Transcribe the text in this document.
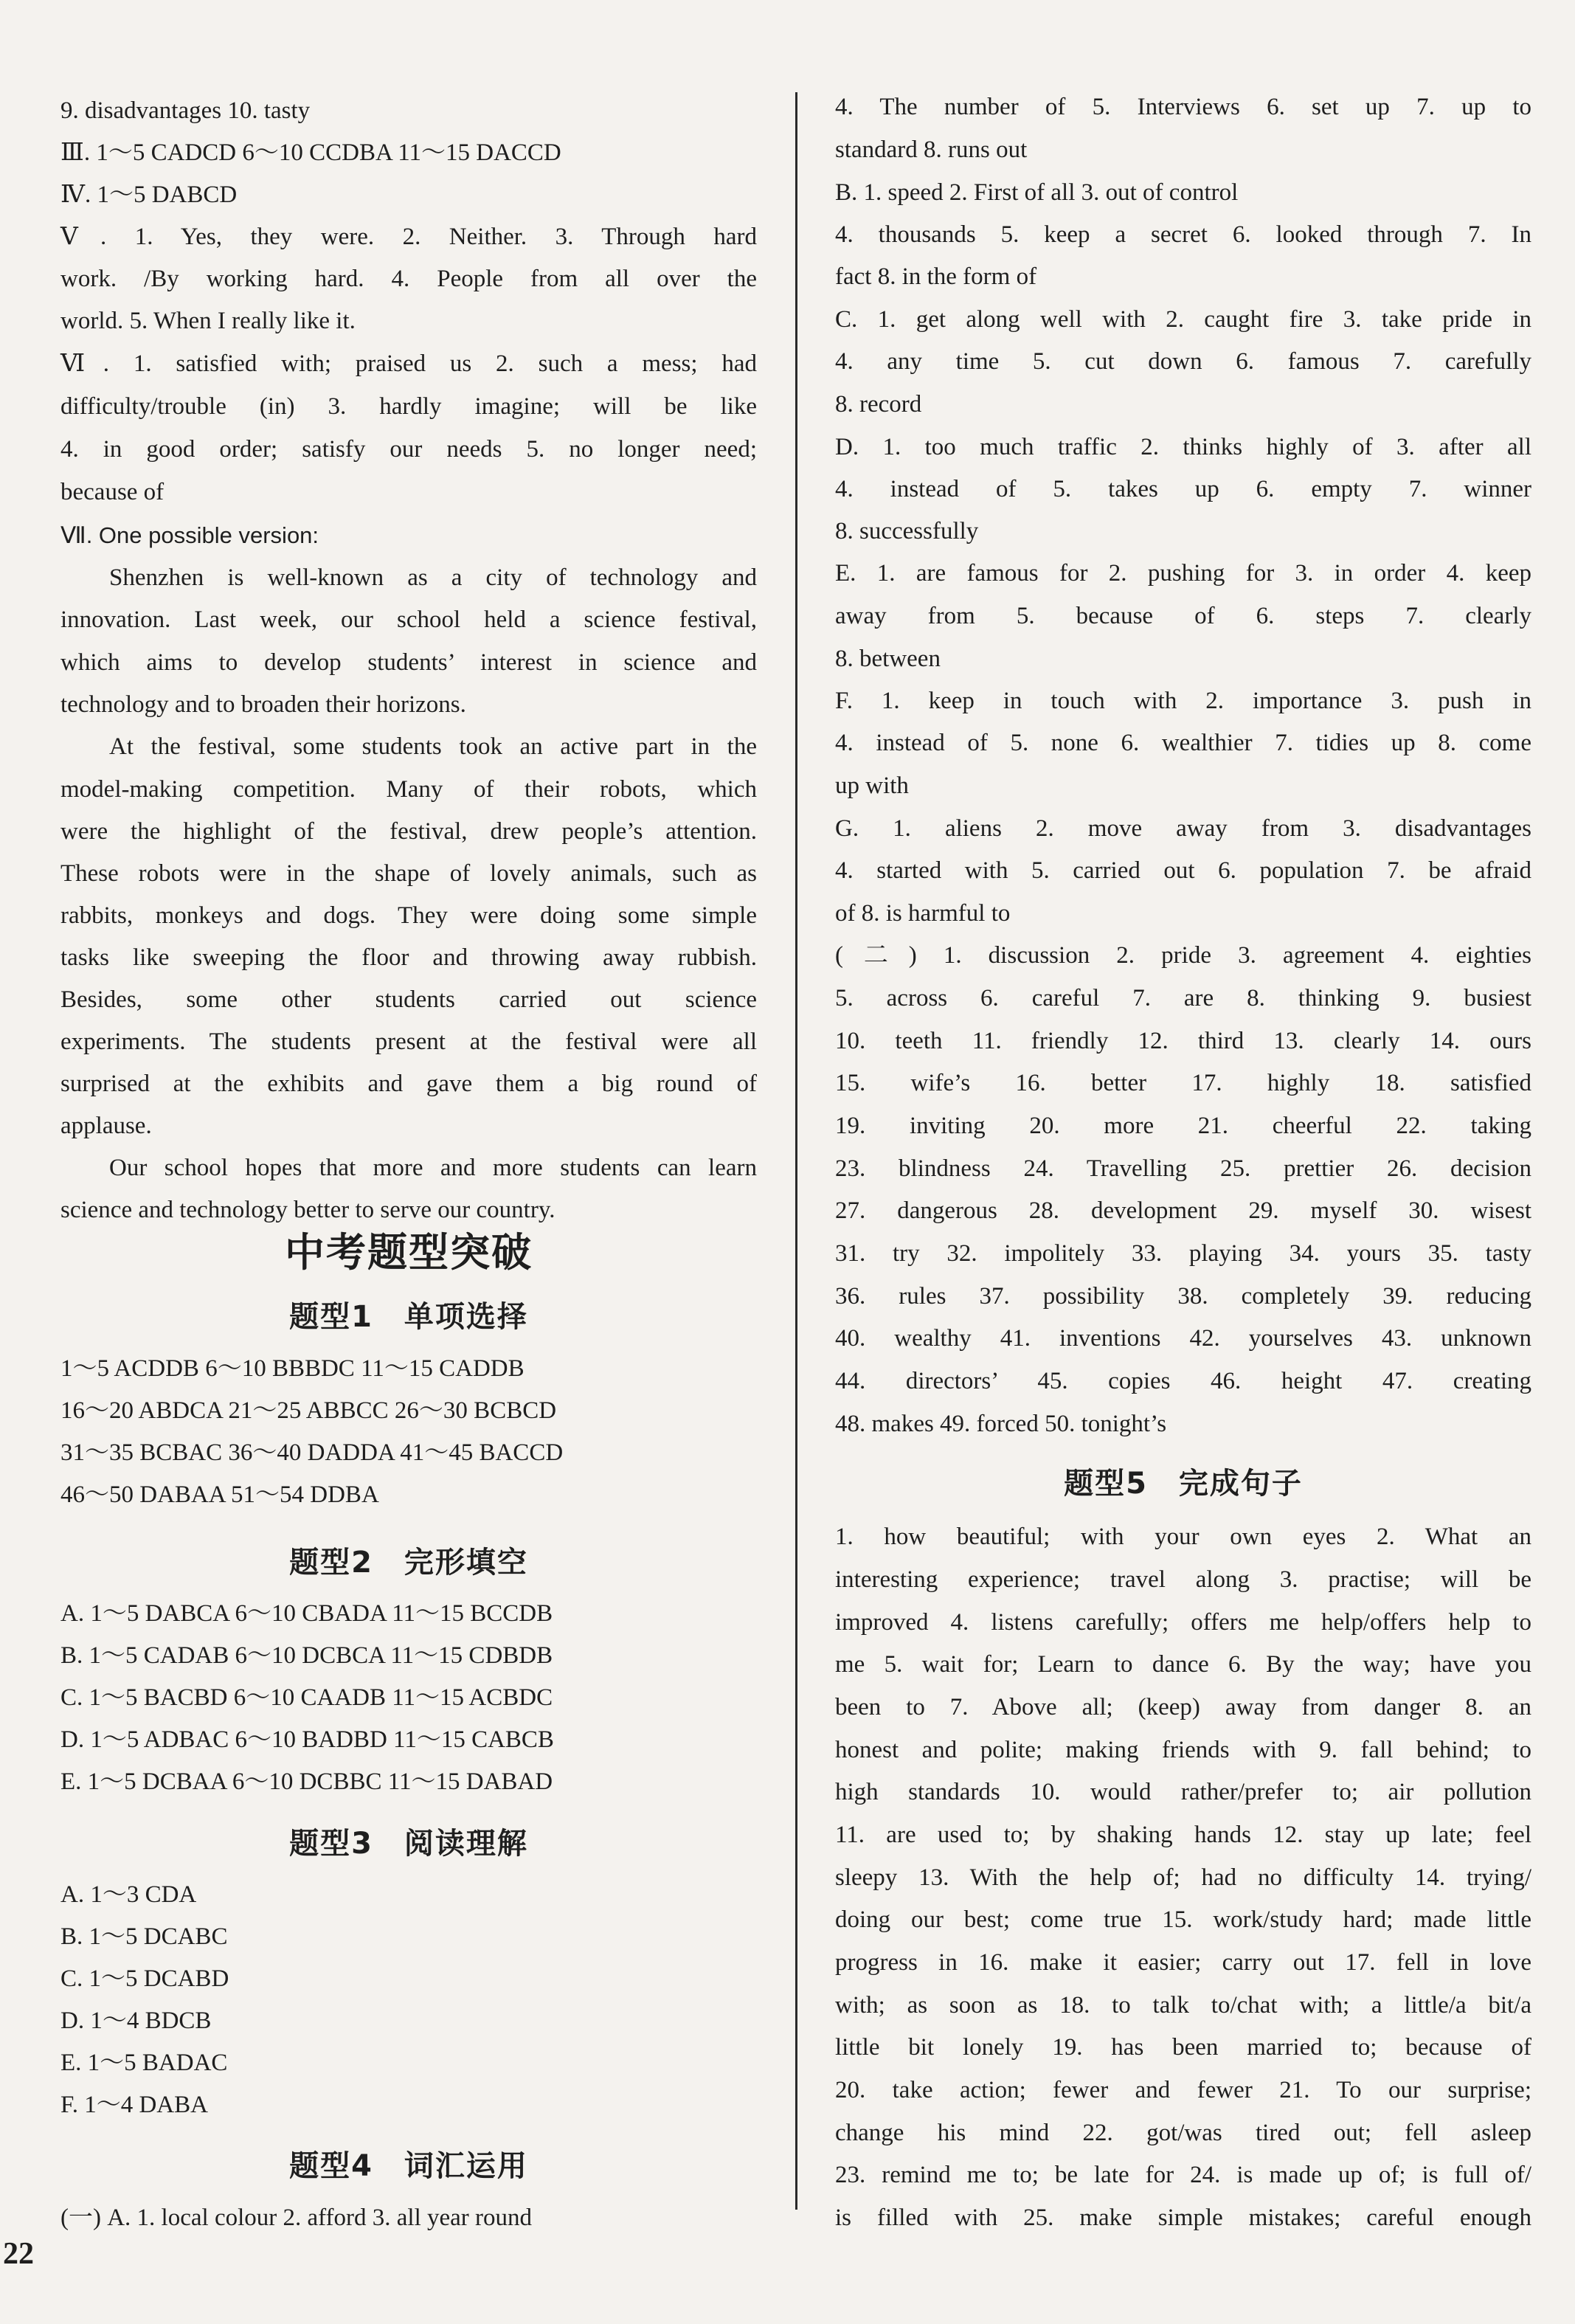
9. disadvantages 10. tasty
Ⅲ. 1～5 CADCD 6～10 CCDBA 11～15 DACCD
Ⅳ. 1～5 DABCD
Ⅴ. 1. Yes, they were. 2. Neither. 3. Through hard
work. /By working hard. 4. People from all over the
world. 5. When I really like it.
Ⅵ. 1. satisfied with; praised us 2. such a mess; had
difficulty/trouble (in) 3. hardly imagine; will be like
4. in good order; satisfy our needs 5. no longer need;
because of
Ⅶ. One possible version:
Shenzhen is well-known as a city of technology and
innovation. Last week, our school held a science festival,
which aims to develop students’ interest in science and
technology and to broaden their horizons.
At the festival, some students took an active part in the
model-making competition. Many of their robots, which
were the highlight of the festival, drew people’s attention.
These robots were in the shape of lovely animals, such as
rabbits, monkeys and dogs. They were doing some simple
tasks like sweeping the floor and throwing away rubbish.
Besides, some other students carried out science
experiments. The students present at the festival were all
surprised at the exhibits and gave them a big round of
applause.
Our school hopes that more and more students can learn
science and technology better to serve our country.
中考题型突破
题型1　单项选择
1～5 ACDDB 6～10 BBBDC 11～15 CADDB
16～20 ABDCA 21～25 ABBCC 26～30 BCBCD
31～35 BCBAC 36～40 DADDA 41～45 BACCD
46～50 DABAA 51～54 DDBA
题型2　完形填空
A. 1～5 DABCA 6～10 CBADA 11～15 BCCDB
B. 1～5 CADAB 6～10 DCBCA 11～15 CDBDB
C. 1～5 BACBD 6～10 CAADB 11～15 ACBDC
D. 1～5 ADBAC 6～10 BADBD 11～15 CABCB
E. 1～5 DCBAA 6～10 DCBBC 11～15 DABAD
题型3　阅读理解
A. 1～3 CDA
B. 1～5 DCABC
C. 1～5 DCABD
D. 1～4 BDCB
E. 1～5 BADAC
F. 1～4 DABA
题型4　词汇运用
(一) A. 1. local colour 2. afford 3. all year round
4. The number of 5. Interviews 6. set up 7. up to
standard 8. runs out
B. 1. speed 2. First of all 3. out of control
4. thousands 5. keep a secret 6. looked through 7. In
fact 8. in the form of
C. 1. get along well with 2. caught fire 3. take pride in
4. any time 5. cut down 6. famous 7. carefully
8. record
D. 1. too much traffic 2. thinks highly of 3. after all
4. instead of 5. takes up 6. empty 7. winner
8. successfully
E. 1. are famous for 2. pushing for 3. in order 4. keep
away from 5. because of 6. steps 7. clearly
8. between
F. 1. keep in touch with 2. importance 3. push in
4. instead of 5. none 6. wealthier 7. tidies up 8. come
up with
G. 1. aliens 2. move away from 3. disadvantages
4. started with 5. carried out 6. population 7. be afraid
of 8. is harmful to
(二) 1. discussion 2. pride 3. agreement 4. eighties
5. across 6. careful 7. are 8. thinking 9. busiest
10. teeth 11. friendly 12. third 13. clearly 14. ours
15. wife’s 16. better 17. highly 18. satisfied
19. inviting 20. more 21. cheerful 22. taking
23. blindness 24. Travelling 25. prettier 26. decision
27. dangerous 28. development 29. myself 30. wisest
31. try 32. impolitely 33. playing 34. yours 35. tasty
36. rules 37. possibility 38. completely 39. reducing
40. wealthy 41. inventions 42. yourselves 43. unknown
44. directors’ 45. copies 46. height 47. creating
48. makes 49. forced 50. tonight’s
题型5　完成句子
1. how beautiful; with your own eyes 2. What an
interesting experience; travel along 3. practise; will be
improved 4. listens carefully; offers me help/offers help to
me 5. wait for; Learn to dance 6. By the way; have you
been to 7. Above all; (keep) away from danger 8. an
honest and polite; making friends with 9. fall behind; to
high standards 10. would rather/prefer to; air pollution
11. are used to; by shaking hands 12. stay up late; feel
sleepy 13. With the help of; had no difficulty 14. trying/
doing our best; come true 15. work/study hard; made little
progress in 16. make it easier; carry out 17. fell in love
with; as soon as 18. to talk to/chat with; a little/a bit/a
little bit lonely 19. has been married to; because of
20. take action; fewer and fewer 21. To our surprise;
change his mind 22. got/was tired out; fell asleep
23. remind me to; be late for 24. is made up of; is full of/
is filled with 25. make simple mistakes; careful enough
22
